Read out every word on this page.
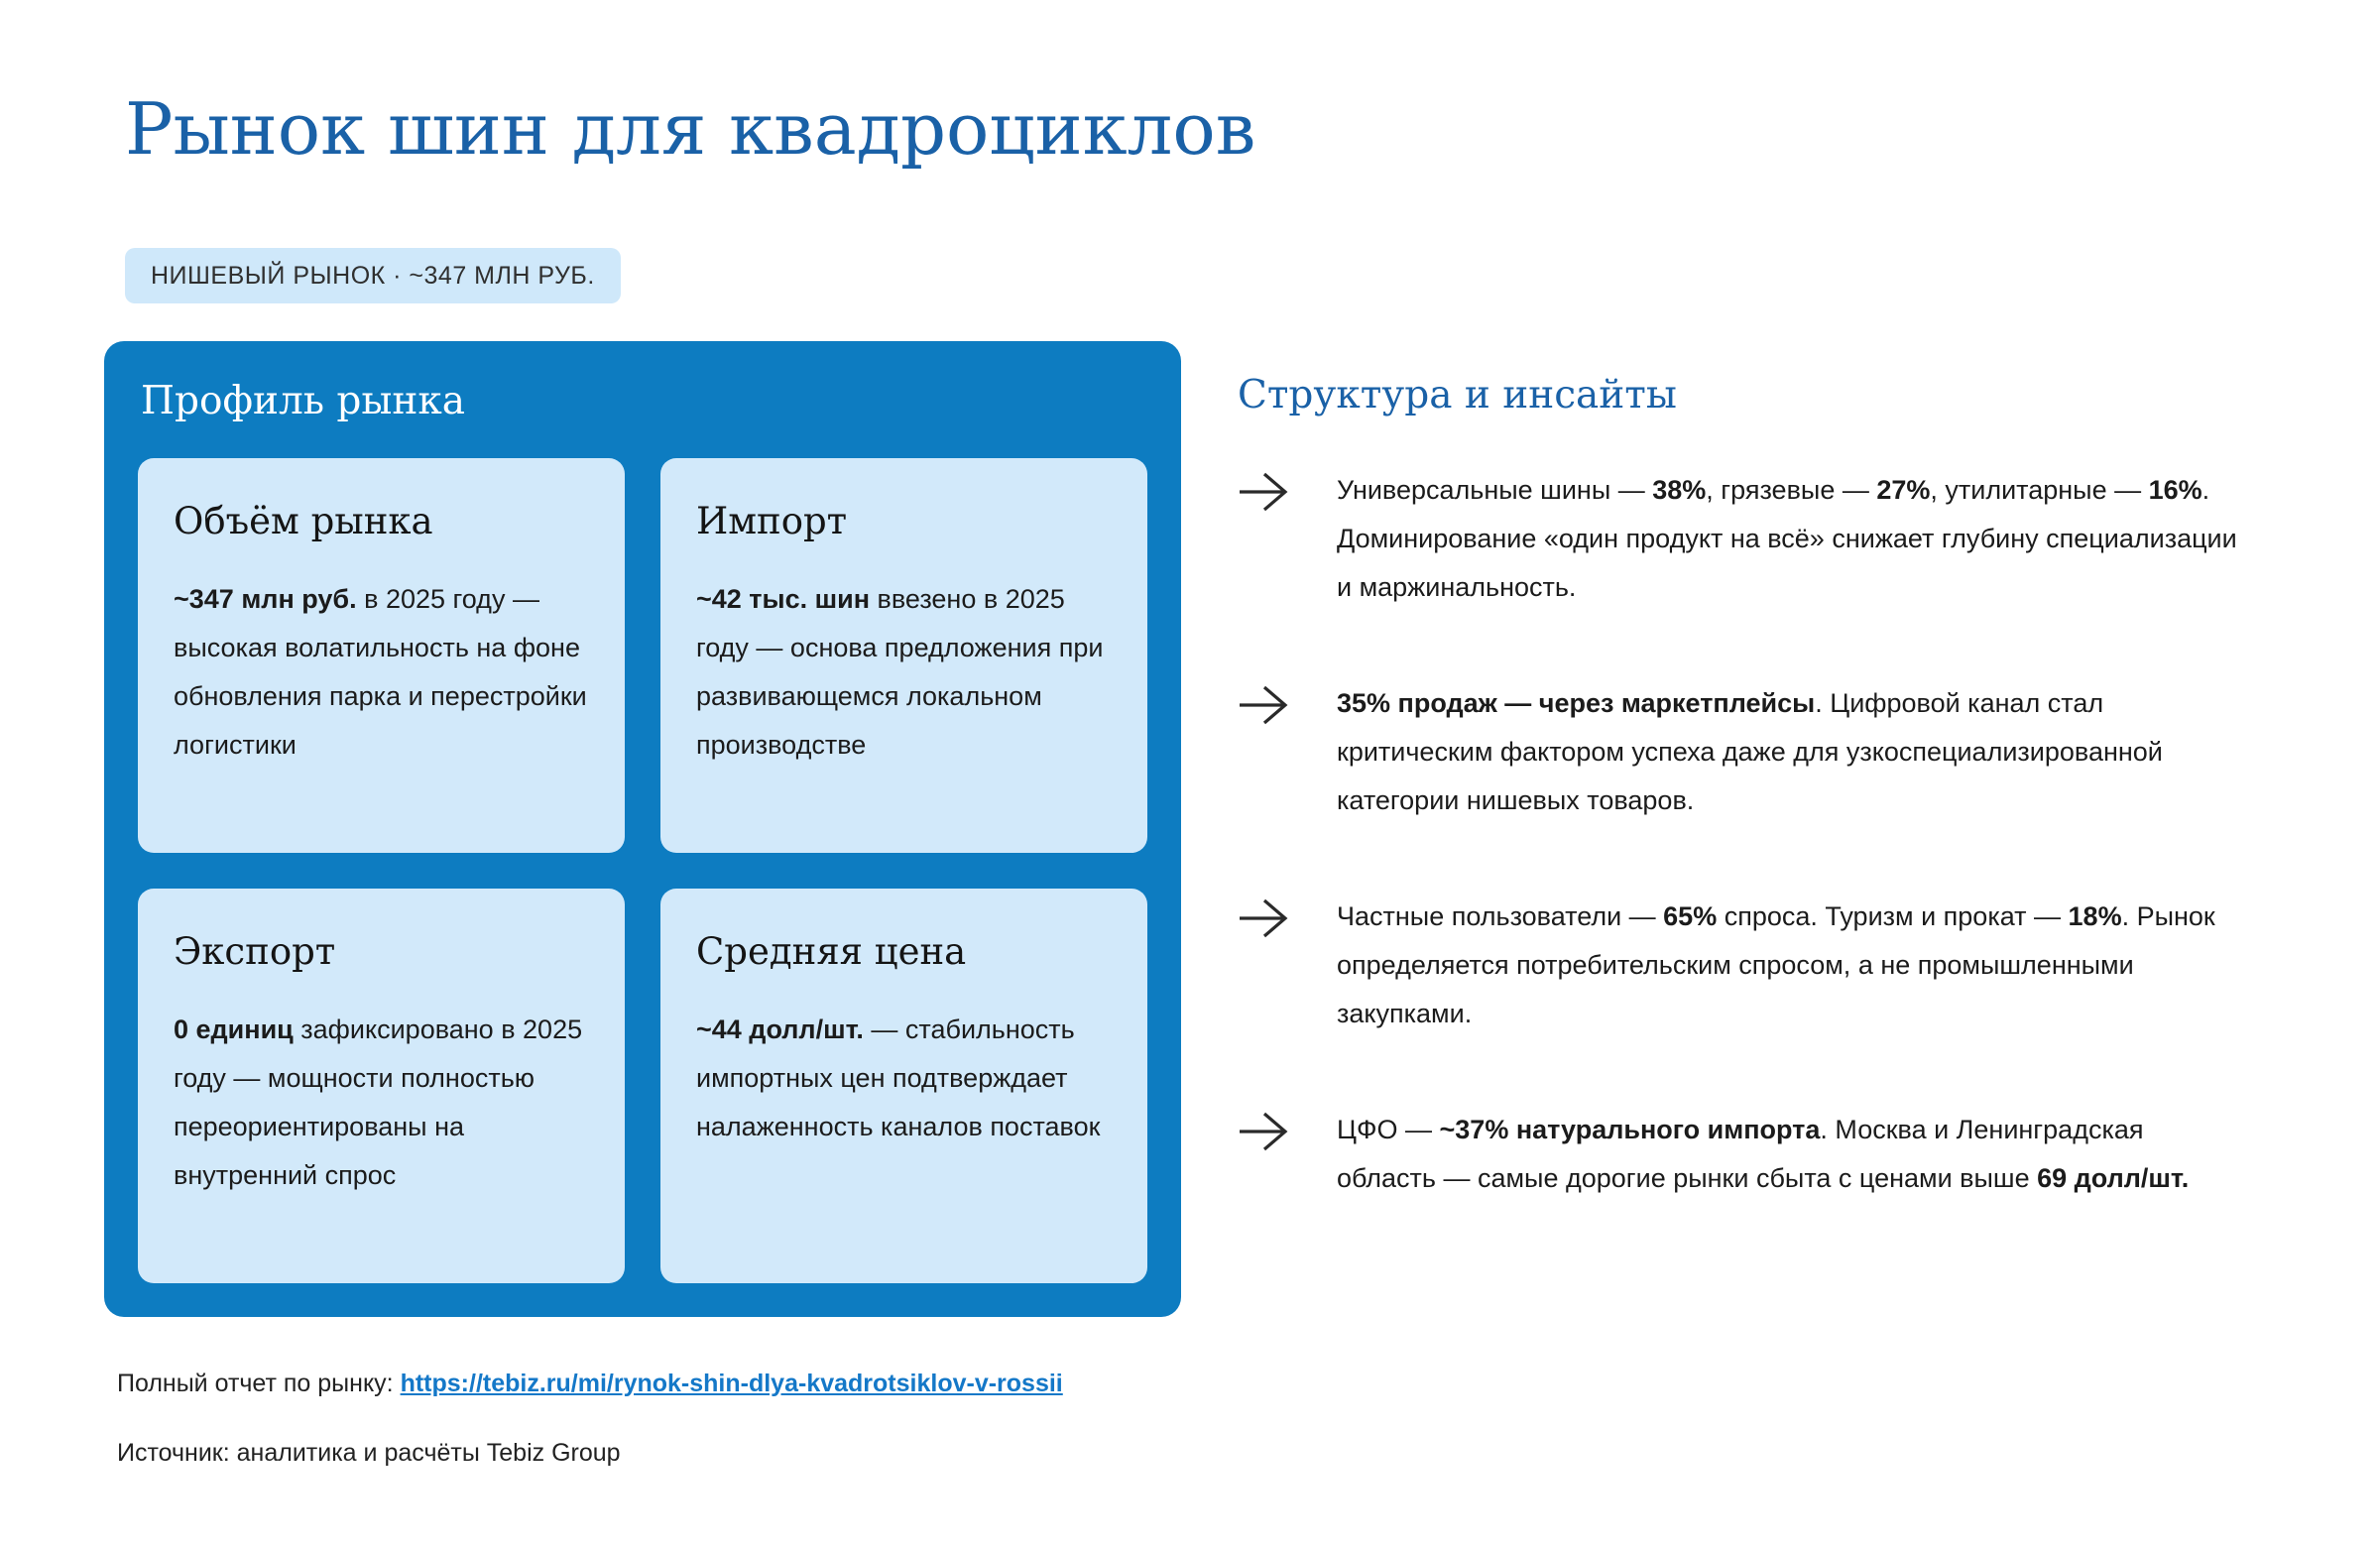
Рынок шин для квадроциклов
НИШЕВЫЙ РЫНОК · ~347 МЛН РУБ.
Профиль рынка
Объём рынка

~347 млн руб. в 2025 году — высокая волатильность на фоне обновления парка и перестройки логистики

Импорт

~42 тыс. шин ввезено в 2025 году — основа предложения при развивающемся локальном производстве

Экспорт

0 единиц зафиксировано в 2025 году — мощности полностью переориентированы на внутренний спрос

Средняя цена

~44 долл/шт. — стабильность импортных цен подтверждает налаженность каналов поставок

Структура и инсайты

Универсальные шины — 38%, грязевые — 27%, утилитарные — 16%. Доминирование «один продукт на всё» снижает глубину специализации и маржинальность.

35% продаж — через маркетплейсы. Цифровой канал стал критическим фактором успеха даже для узкоспециализированной категории нишевых товаров.

Частные пользователи — 65% спроса. Туризм и прокат — 18%. Рынок определяется потребительским спросом, а не промышленными закупками.

ЦФО — ~37% натурального импорта. Москва и Ленинградская область — самые дорогие рынки сбыта с ценами выше 69 долл/шт.

Полный отчет по рынку: https://tebiz.ru/mi/rynok-shin-dlya-kvadrotsiklov-v-rossii

Источник: аналитика и расчёты Tebiz Group
